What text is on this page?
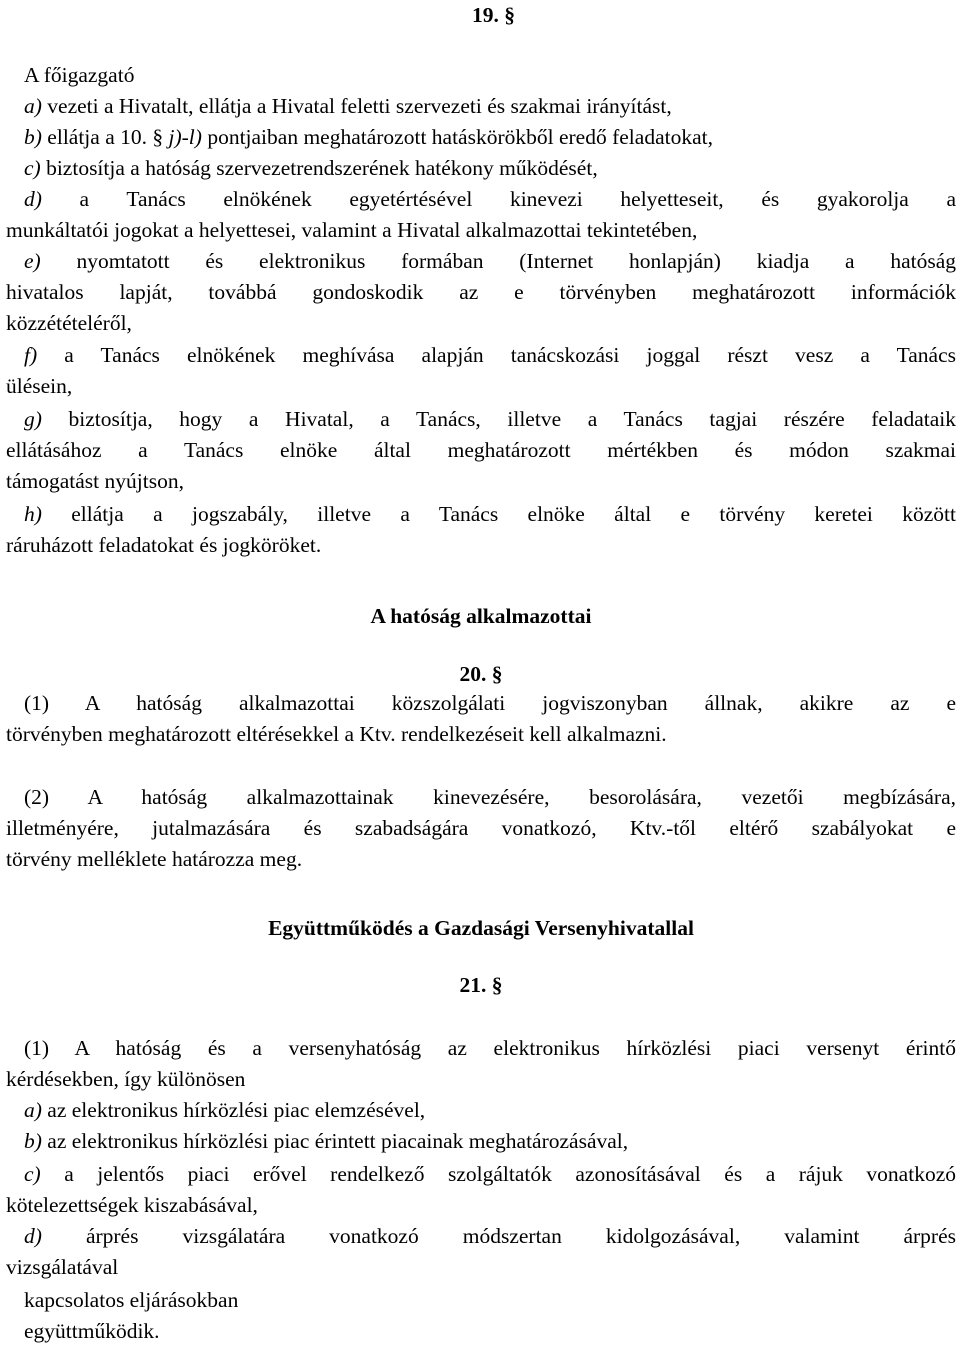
19. §
A főigazgató
a) vezeti a Hivatalt, ellátja a Hivatal feletti szervezeti és szakmai irányítást,
b) ellátja a 10. § j)-l) pontjaiban meghatározott hatáskörökből eredő feladatokat,
c) biztosítja a hatóság szervezetrendszerének hatékony működését,
d) a Tanács elnökének egyetértésével kinevezi helyetteseit, és gyakorolja a
munkáltatói jogokat a helyettesei, valamint a Hivatal alkalmazottai tekintetében,
e) nyomtatott és elektronikus formában (Internet honlapján) kiadja a hatóság
hivatalos lapját, továbbá gondoskodik az e törvényben meghatározott információk
közzétételéről,
f) a Tanács elnökének meghívása alapján tanácskozási joggal részt vesz a Tanács
ülésein,
g) biztosítja, hogy a Hivatal, a Tanács, illetve a Tanács tagjai részére feladataik
ellátásához a Tanács elnöke által meghatározott mértékben és módon szakmai
támogatást nyújtson,
h) ellátja a jogszabály, illetve a Tanács elnöke által e törvény keretei között
ráruházott feladatokat és jogköröket.
A hatóság alkalmazottai
20. §
(1) A hatóság alkalmazottai közszolgálati jogviszonyban állnak, akikre az e
törvényben meghatározott eltérésekkel a Ktv. rendelkezéseit kell alkalmazni.
(2) A hatóság alkalmazottainak kinevezésére, besorolására, vezetői megbízására,
illetményére, jutalmazására és szabadságára vonatkozó, Ktv.-től eltérő szabályokat e
törvény melléklete határozza meg.
Együttműködés a Gazdasági Versenyhivatallal
21. §
(1) A hatóság és a versenyhatóság az elektronikus hírközlési piaci versenyt érintő
kérdésekben, így különösen
a) az elektronikus hírközlési piac elemzésével,
b) az elektronikus hírközlési piac érintett piacainak meghatározásával,
c) a jelentős piaci erővel rendelkező szolgáltatók azonosításával és a rájuk vonatkozó
kötelezettségek kiszabásával,
d) árprés vizsgálatára vonatkozó módszertan kidolgozásával, valamint árprés
vizsgálatával
kapcsolatos eljárásokban
együttműködik.
